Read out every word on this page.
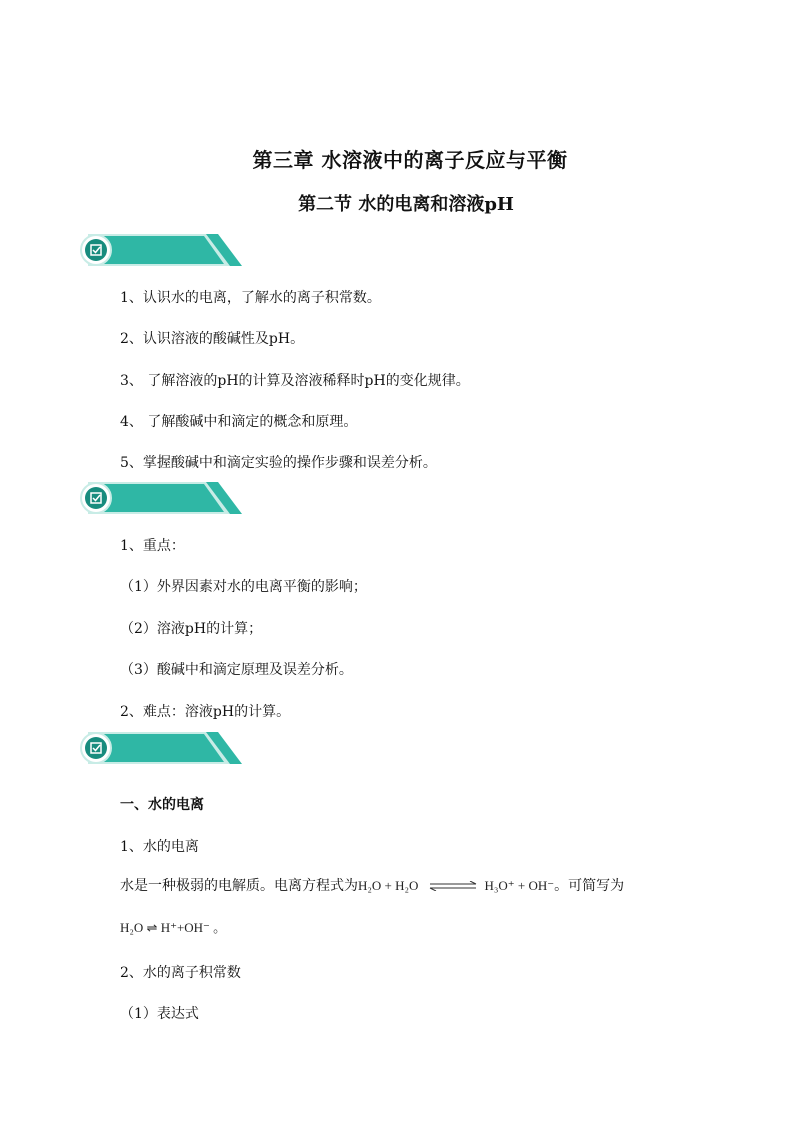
第三章 水溶液中的离子反应与平衡
第二节 水的电离和溶液pH
1、认识水的电离，了解水的离子积常数。
2、认识溶液的酸碱性及pH。
3、 了解溶液的pH的计算及溶液稀释时pH的变化规律。
4、 了解酸碱中和滴定的概念和原理。
5、掌握酸碱中和滴定实验的操作步骤和误差分析。
1、重点：
（1）外界因素对水的电离平衡的影响；
（2）溶液pH的计算；
（3）酸碱中和滴定原理及误差分析。
2、难点：溶液pH的计算。
一、水的电离
1、水的电离
水是一种极弱的电解质。电离方程式为H₂O + H₂O ⇌ H₃O⁺ + OH⁻。可简写为
H₂O ⇌ H⁺+OH⁻ 。
2、水的离子积常数
（1）表达式
